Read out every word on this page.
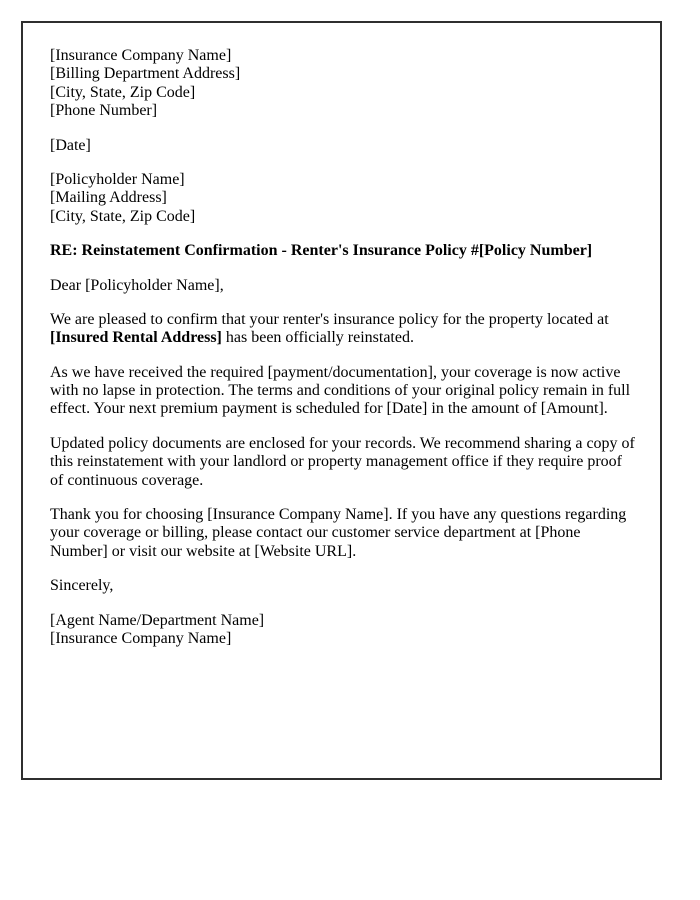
[Insurance Company Name]
[Billing Department Address]
[City, State, Zip Code]
[Phone Number]

[Date]

[Policyholder Name]
[Mailing Address]
[City, State, Zip Code]

RE: Reinstatement Confirmation - Renter's Insurance Policy #[Policy Number]

Dear [Policyholder Name],

We are pleased to confirm that your renter's insurance policy for the property located at [Insured Rental Address] has been officially reinstated.

As we have received the required [payment/documentation], your coverage is now active with no lapse in protection. The terms and conditions of your original policy remain in full effect. Your next premium payment is scheduled for [Date] in the amount of [Amount].

Updated policy documents are enclosed for your records. We recommend sharing a copy of this reinstatement with your landlord or property management office if they require proof of continuous coverage.

Thank you for choosing [Insurance Company Name]. If you have any questions regarding your coverage or billing, please contact our customer service department at [Phone Number] or visit our website at [Website URL].

Sincerely,

[Agent Name/Department Name]
[Insurance Company Name]
